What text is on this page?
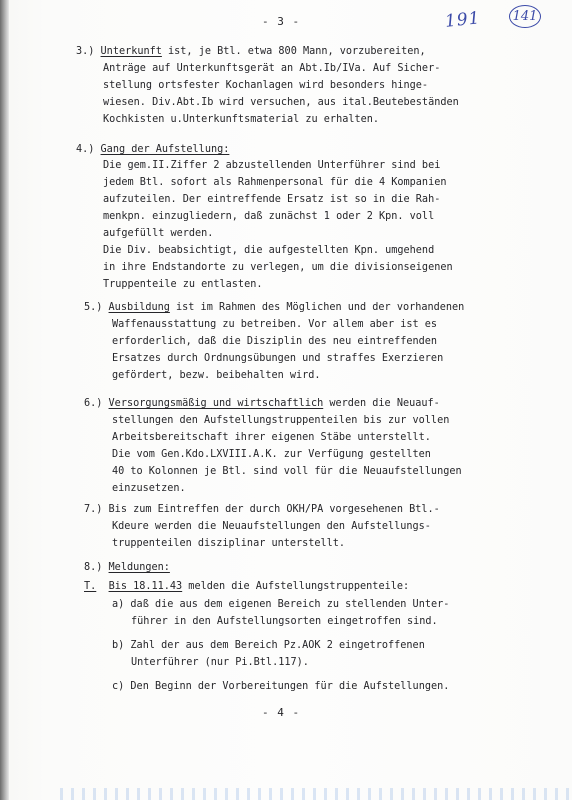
- 3 -	191 141
3.) Unterkunft ist, je Btl. etwa 800 Mann, vorzubereiten,
Anträge auf Unterkunftsgerät an Abt.Ib/IVa. Auf Sicher-
stellung ortsfester Kochanlagen wird besonders hinge-
wiesen. Div.Abt.Ib wird versuchen, aus ital.Beutebeständen
Kochkisten u.Unterkunftsmaterial zu erhalten.
4.) Gang der Aufstellung:
Die gem.II.Ziffer 2 abzustellenden Unterführer sind bei
jedem Btl. sofort als Rahmenpersonal für die 4 Kompanien
aufzuteilen. Der eintreffende Ersatz ist so in die Rah-
menkpn. einzugliedern, daß zunächst 1 oder 2 Kpn. voll
aufgefüllt werden.
Die Div. beabsichtigt, die aufgestellten Kpn. umgehend
in ihre Endstandorte zu verlegen, um die divisionseigenen
Truppenteile zu entlasten.
5.) Ausbildung ist im Rahmen des Möglichen und der vorhandenen
Waffenausstattung zu betreiben. Vor allem aber ist es
erforderlich, daß die Disziplin des neu eintreffenden
Ersatzes durch Ordnungsübungen und straffes Exerzieren
gefördert, bezw. beibehalten wird.
6.) Versorgungsmäßig und wirtschaftlich werden die Neuauf-
stellungen den Aufstellungstruppenteilen bis zur vollen
Arbeitsbereitschaft ihrer eigenen Stäbe unterstellt.
Die vom Gen.Kdo.LXVIII.A.K. zur Verfügung gestellten
40 to Kolonnen je Btl. sind voll für die Neuaufstellungen
einzusetzen.
7.) Bis zum Eintreffen der durch OKH/PA vorgesehenen Btl.-
Kdeure werden die Neuaufstellungen den Aufstellungs-
truppenteilen disziplinar unterstellt.
8.) Meldungen:
T. Bis 18.11.43 melden die Aufstellungstruppenteile:
a) daß die aus dem eigenen Bereich zu stellenden Unter-
führer in den Aufstellungsorten eingetroffen sind.
b) Zahl der aus dem Bereich Pz.AOK 2 eingetroffenen
Unterführer (nur Pi.Btl.117).
c) Den Beginn der Vorbereitungen für die Aufstellungen.
- 4 -
